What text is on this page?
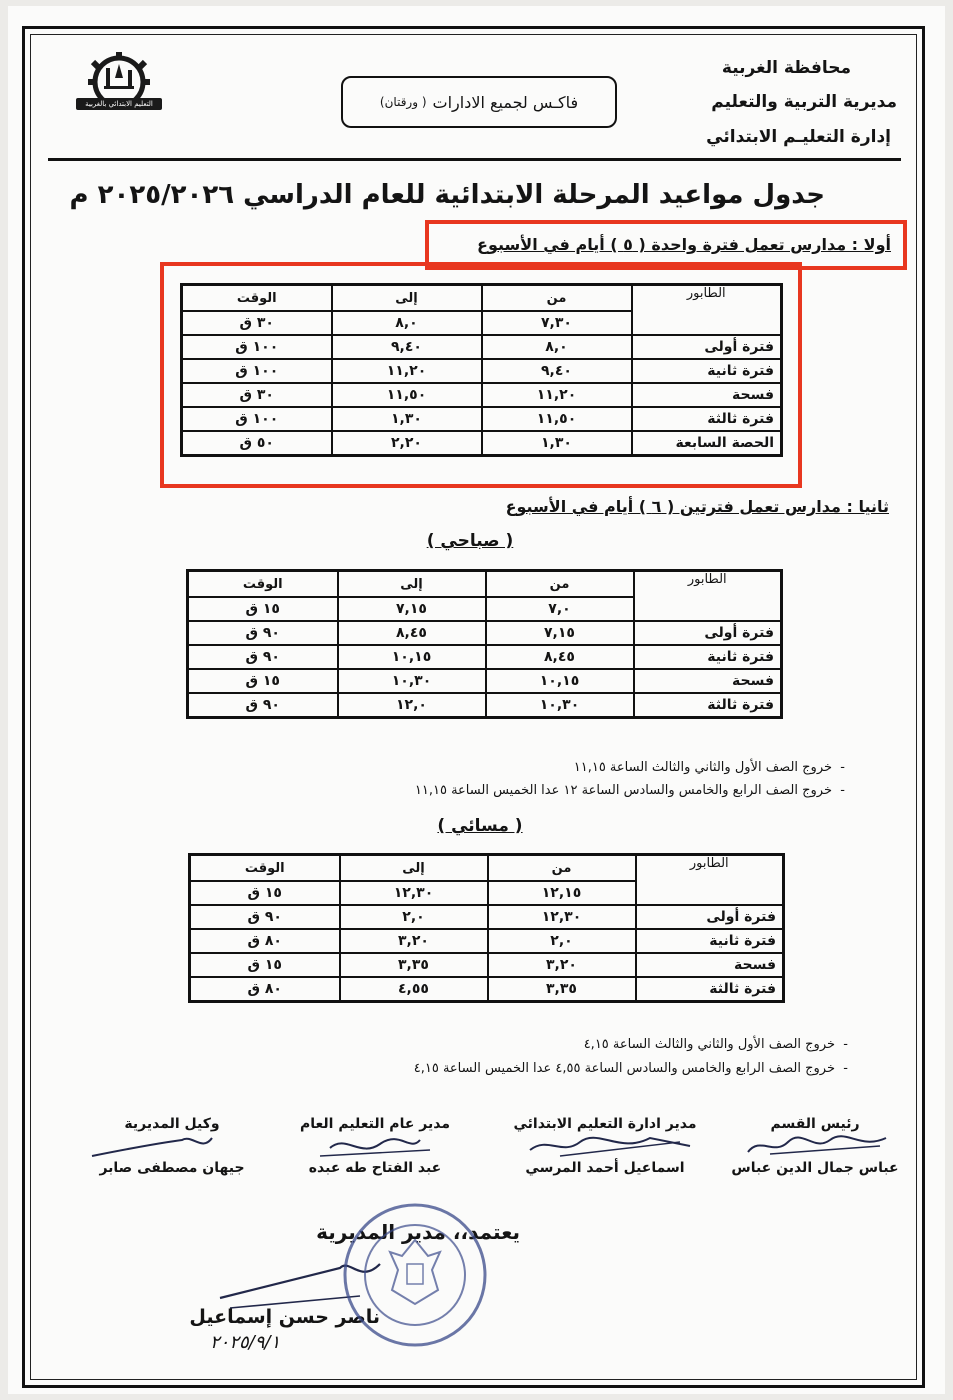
التعليم الابتدائي بالغربية
محافظة الغربية
مديرية التربية والتعليم
إدارة التعليـم الابتدائي
فاكـس لجميع الادارات
( ورقتان)
جدول مواعيد المرحلة الابتدائية للعام الدراسي ٢٠٢٥/٢٠٢٦ م
أولا : مدارس تعمل فترة واحدة ( ٥ ) أيام في الأسبوع
الطابور	من	إلى	الوقت
	٧,٣٠	٨,٠	٣٠ ق
فترة أولى	٨,٠	٩,٤٠	١٠٠ ق
فترة ثانية	٩,٤٠	١١,٢٠	١٠٠ ق
فسحة	١١,٢٠	١١,٥٠	٣٠ ق
فترة ثالثة	١١,٥٠	١,٣٠	١٠٠ ق
الحصة السابعة	١,٣٠	٢,٢٠	٥٠ ق
ثانيا : مدارس تعمل فترتين ( ٦ ) أيام في الأسبوع
( صباحي )
الطابور	من	إلى	الوقت
	٧,٠	٧,١٥	١٥ ق
فترة أولى	٧,١٥	٨,٤٥	٩٠ ق
فترة ثانية	٨,٤٥	١٠,١٥	٩٠ ق
فسحة	١٠,١٥	١٠,٣٠	١٥ ق
فترة ثالثة	١٠,٣٠	١٢,٠	٩٠ ق
-  خروج الصف الأول والثاني والثالث الساعة ١١,١٥
-  خروج الصف الرابع والخامس والسادس الساعة ١٢ عدا الخميس الساعة ١١,١٥
( مسائي )
الطابور	من	إلى	الوقت
	١٢,١٥	١٢,٣٠	١٥ ق
فترة أولى	١٢,٣٠	٢,٠	٩٠ ق
فترة ثانية	٢,٠	٣,٢٠	٨٠ ق
فسحة	٣,٢٠	٣,٣٥	١٥ ق
فترة ثالثة	٣,٣٥	٤,٥٥	٨٠ ق
-  خروج الصف الأول والثاني والثالث الساعة ٤,١٥
-  خروج الصف الرابع والخامس والسادس الساعة ٤,٥٥ عدا الخميس الساعة ٤,١٥
رئيس القسم
عباس جمال الدين عباس
مدير ادارة التعليم الابتدائي
اسماعيل أحمد المرسي
مدير عام التعليم العام
عبد الفتاح طه عبده
وكيل المديرية
جيهان مصطفى صابر
يعتمد،، مدير المديرية
ناصر حسن إسماعيل
٢٠٢٥/٩/١
